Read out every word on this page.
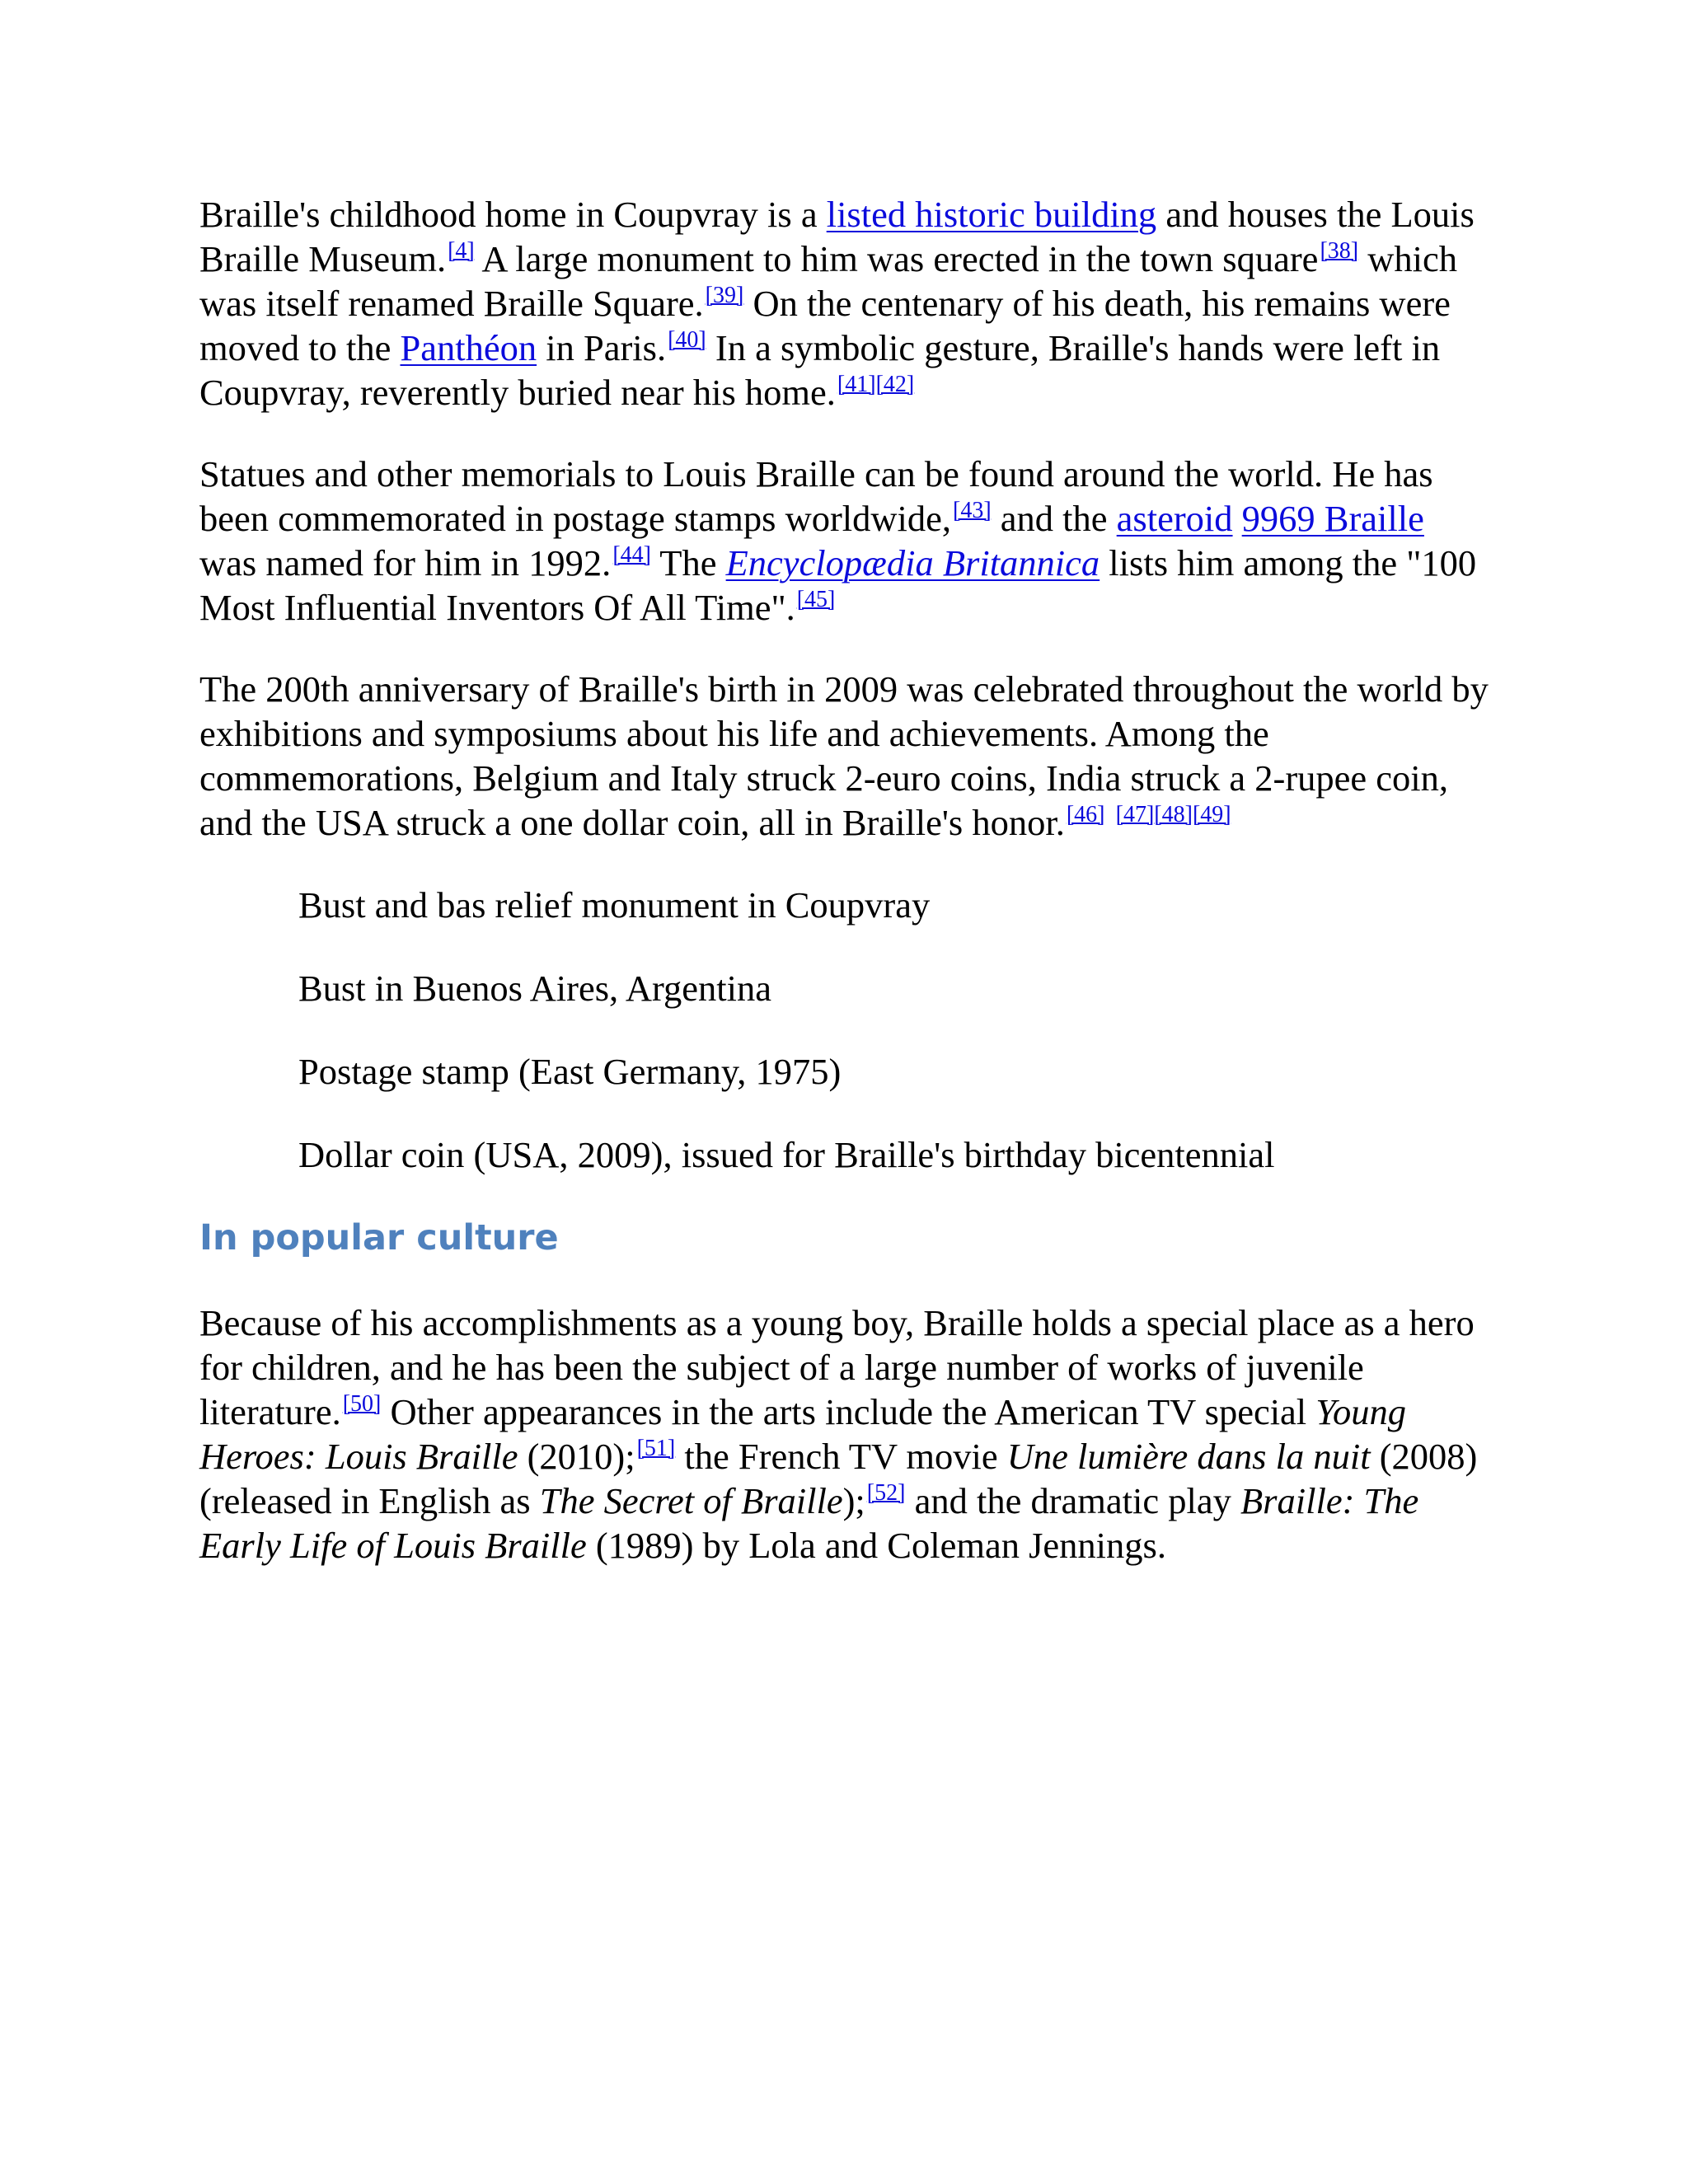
Braille's childhood home in Coupvray is a listed historic building and houses the Louis Braille Museum.[4] A large monument to him was erected in the town square[38] which was itself renamed Braille Square.[39] On the centenary of his death, his remains were moved to the Panthéon in Paris.[40] In a symbolic gesture, Braille's hands were left in Coupvray, reverently buried near his home.[41][42]

Statues and other memorials to Louis Braille can be found around the world. He has been commemorated in postage stamps worldwide,[43] and the asteroid 9969 Braille was named for him in 1992.[44] The Encyclopædia Britannica lists him among the "100 Most Influential Inventors Of All Time".[45]

The 200th anniversary of Braille's birth in 2009 was celebrated throughout the world by exhibitions and symposiums about his life and achievements. Among the commemorations, Belgium and Italy struck 2-euro coins, India struck a 2-rupee coin, and the USA struck a one dollar coin, all in Braille's honor.[46] [47][48][49]

Bust and bas relief monument in Coupvray

Bust in Buenos Aires, Argentina

Postage stamp (East Germany, 1975)

Dollar coin (USA, 2009), issued for Braille's birthday bicentennial

In popular culture

Because of his accomplishments as a young boy, Braille holds a special place as a hero for children, and he has been the subject of a large number of works of juvenile literature.[50] Other appearances in the arts include the American TV special Young Heroes: Louis Braille (2010);[51] the French TV movie Une lumière dans la nuit (2008) (released in English as The Secret of Braille);[52] and the dramatic play Braille: The Early Life of Louis Braille (1989) by Lola and Coleman Jennings.
